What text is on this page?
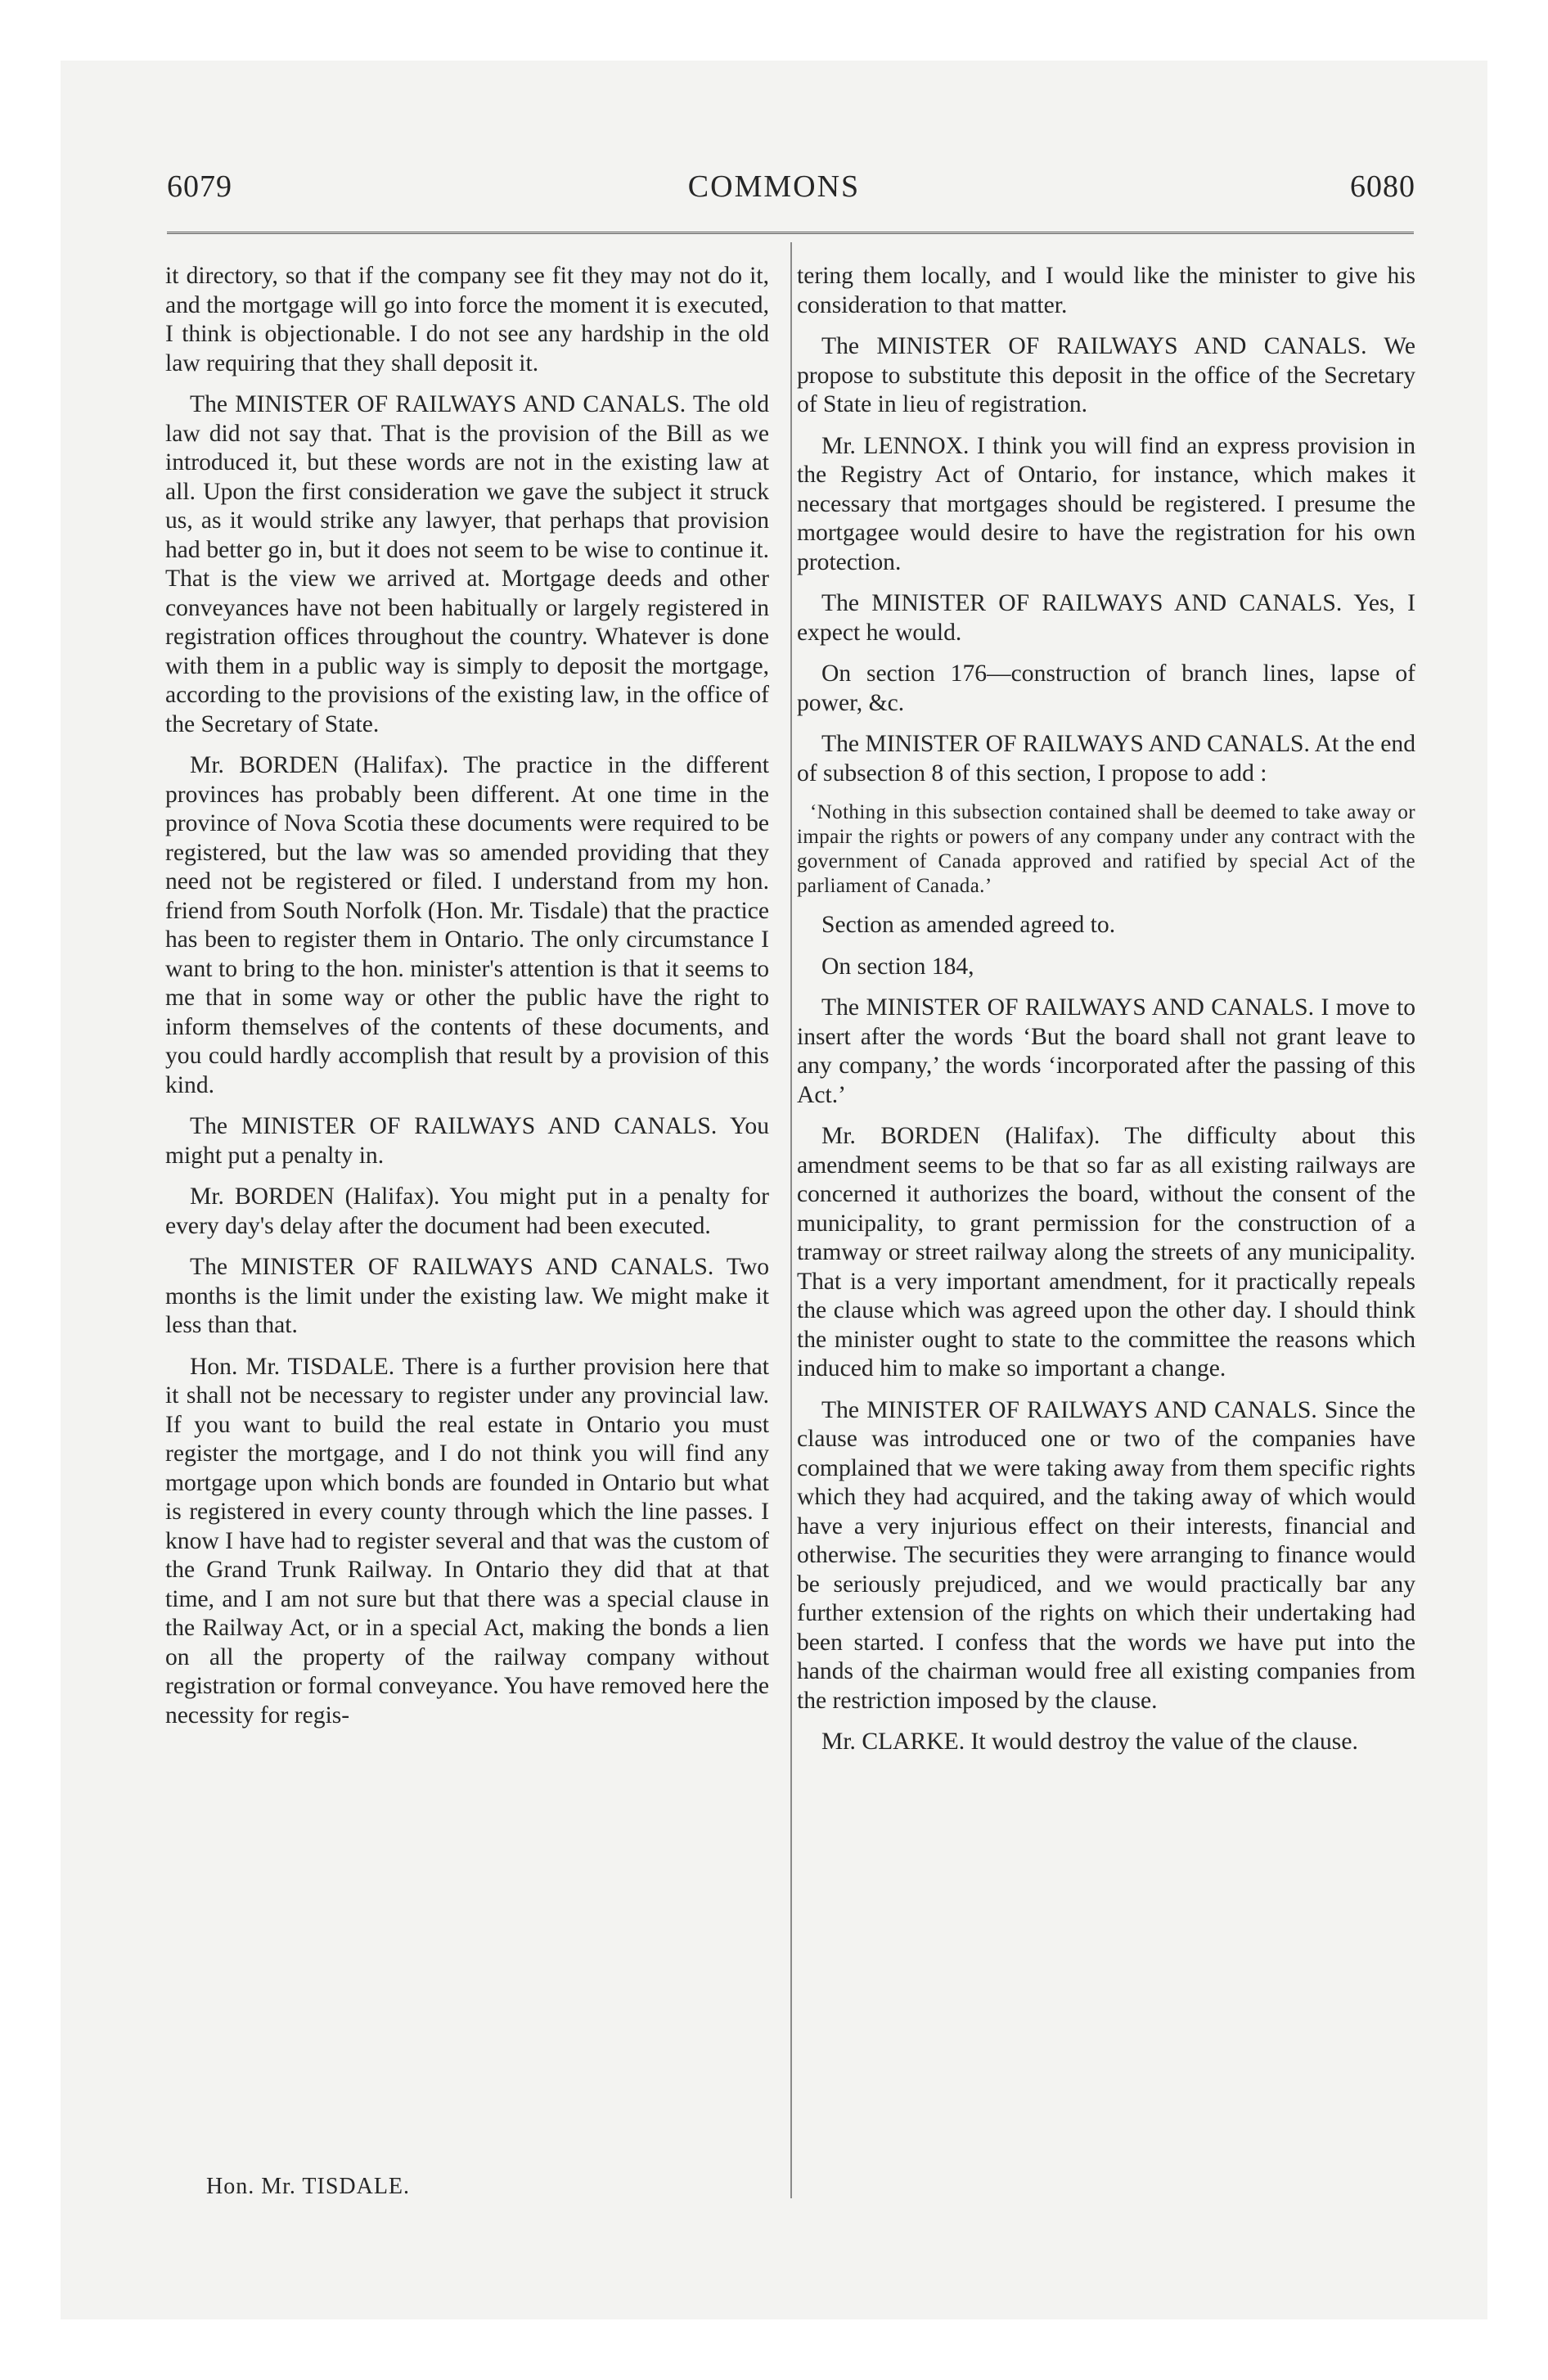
6079	COMMONS	6080

it directory, so that if the company see fit they may not do it, and the mortgage will go into force the moment it is executed, I think is objectionable. I do not see any hardship in the old law requiring that they shall deposit it.

The MINISTER OF RAILWAYS AND CANALS. The old law did not say that. That is the provision of the Bill as we introduced it, but these words are not in the existing law at all. Upon the first consideration we gave the subject it struck us, as it would strike any lawyer, that perhaps that provision had better go in, but it does not seem to be wise to continue it. That is the view we arrived at. Mortgage deeds and other conveyances have not been habitually or largely registered in registration offices throughout the country. Whatever is done with them in a public way is simply to deposit the mortgage, according to the provisions of the existing law, in the office of the Secretary of State.

Mr. BORDEN (Halifax). The practice in the different provinces has probably been different. At one time in the province of Nova Scotia these documents were required to be registered, but the law was so amended providing that they need not be registered or filed. I understand from my hon. friend from South Norfolk (Hon. Mr. Tisdale) that the practice has been to register them in Ontario. The only circumstance I want to bring to the hon. minister's attention is that it seems to me that in some way or other the public have the right to inform themselves of the contents of these documents, and you could hardly accomplish that result by a provision of this kind.

The MINISTER OF RAILWAYS AND CANALS. You might put a penalty in.

Mr. BORDEN (Halifax). You might put in a penalty for every day's delay after the document had been executed.

The MINISTER OF RAILWAYS AND CANALS. Two months is the limit under the existing law. We might make it less than that.

Hon. Mr. TISDALE. There is a further provision here that it shall not be necessary to register under any provincial law. If you want to build the real estate in Ontario you must register the mortgage, and I do not think you will find any mortgage upon which bonds are founded in Ontario but what is registered in every county through which the line passes. I know I have had to register several and that was the custom of the Grand Trunk Railway. In Ontario they did that at that time, and I am not sure but that there was a special clause in the Railway Act, or in a special Act, making the bonds a lien on all the property of the railway company without registration or formal conveyance. You have removed here the necessity for regis-

tering them locally, and I would like the minister to give his consideration to that matter.

The MINISTER OF RAILWAYS AND CANALS. We propose to substitute this deposit in the office of the Secretary of State in lieu of registration.

Mr. LENNOX. I think you will find an express provision in the Registry Act of Ontario, for instance, which makes it necessary that mortgages should be registered. I presume the mortgagee would desire to have the registration for his own protection.

The MINISTER OF RAILWAYS AND CANALS. Yes, I expect he would.

On section 176—construction of branch lines, lapse of power, &c.

The MINISTER OF RAILWAYS AND CANALS. At the end of subsection 8 of this section, I propose to add :

‘Nothing in this subsection contained shall be deemed to take away or impair the rights or powers of any company under any contract with the government of Canada approved and ratified by special Act of the parliament of Canada.’

Section as amended agreed to.

On section 184,

The MINISTER OF RAILWAYS AND CANALS. I move to insert after the words ‘But the board shall not grant leave to any company,’ the words ‘incorporated after the passing of this Act.’

Mr. BORDEN (Halifax). The difficulty about this amendment seems to be that so far as all existing railways are concerned it authorizes the board, without the consent of the municipality, to grant permission for the construction of a tramway or street railway along the streets of any municipality. That is a very important amendment, for it practically repeals the clause which was agreed upon the other day. I should think the minister ought to state to the committee the reasons which induced him to make so important a change.

The MINISTER OF RAILWAYS AND CANALS. Since the clause was introduced one or two of the companies have complained that we were taking away from them specific rights which they had acquired, and the taking away of which would have a very injurious effect on their interests, financial and otherwise. The securities they were arranging to finance would be seriously prejudiced, and we would practically bar any further extension of the rights on which their undertaking had been started. I confess that the words we have put into the hands of the chairman would free all existing companies from the restriction imposed by the clause.

Mr. CLARKE. It would destroy the value of the clause.

Hon. Mr. TISDALE.
